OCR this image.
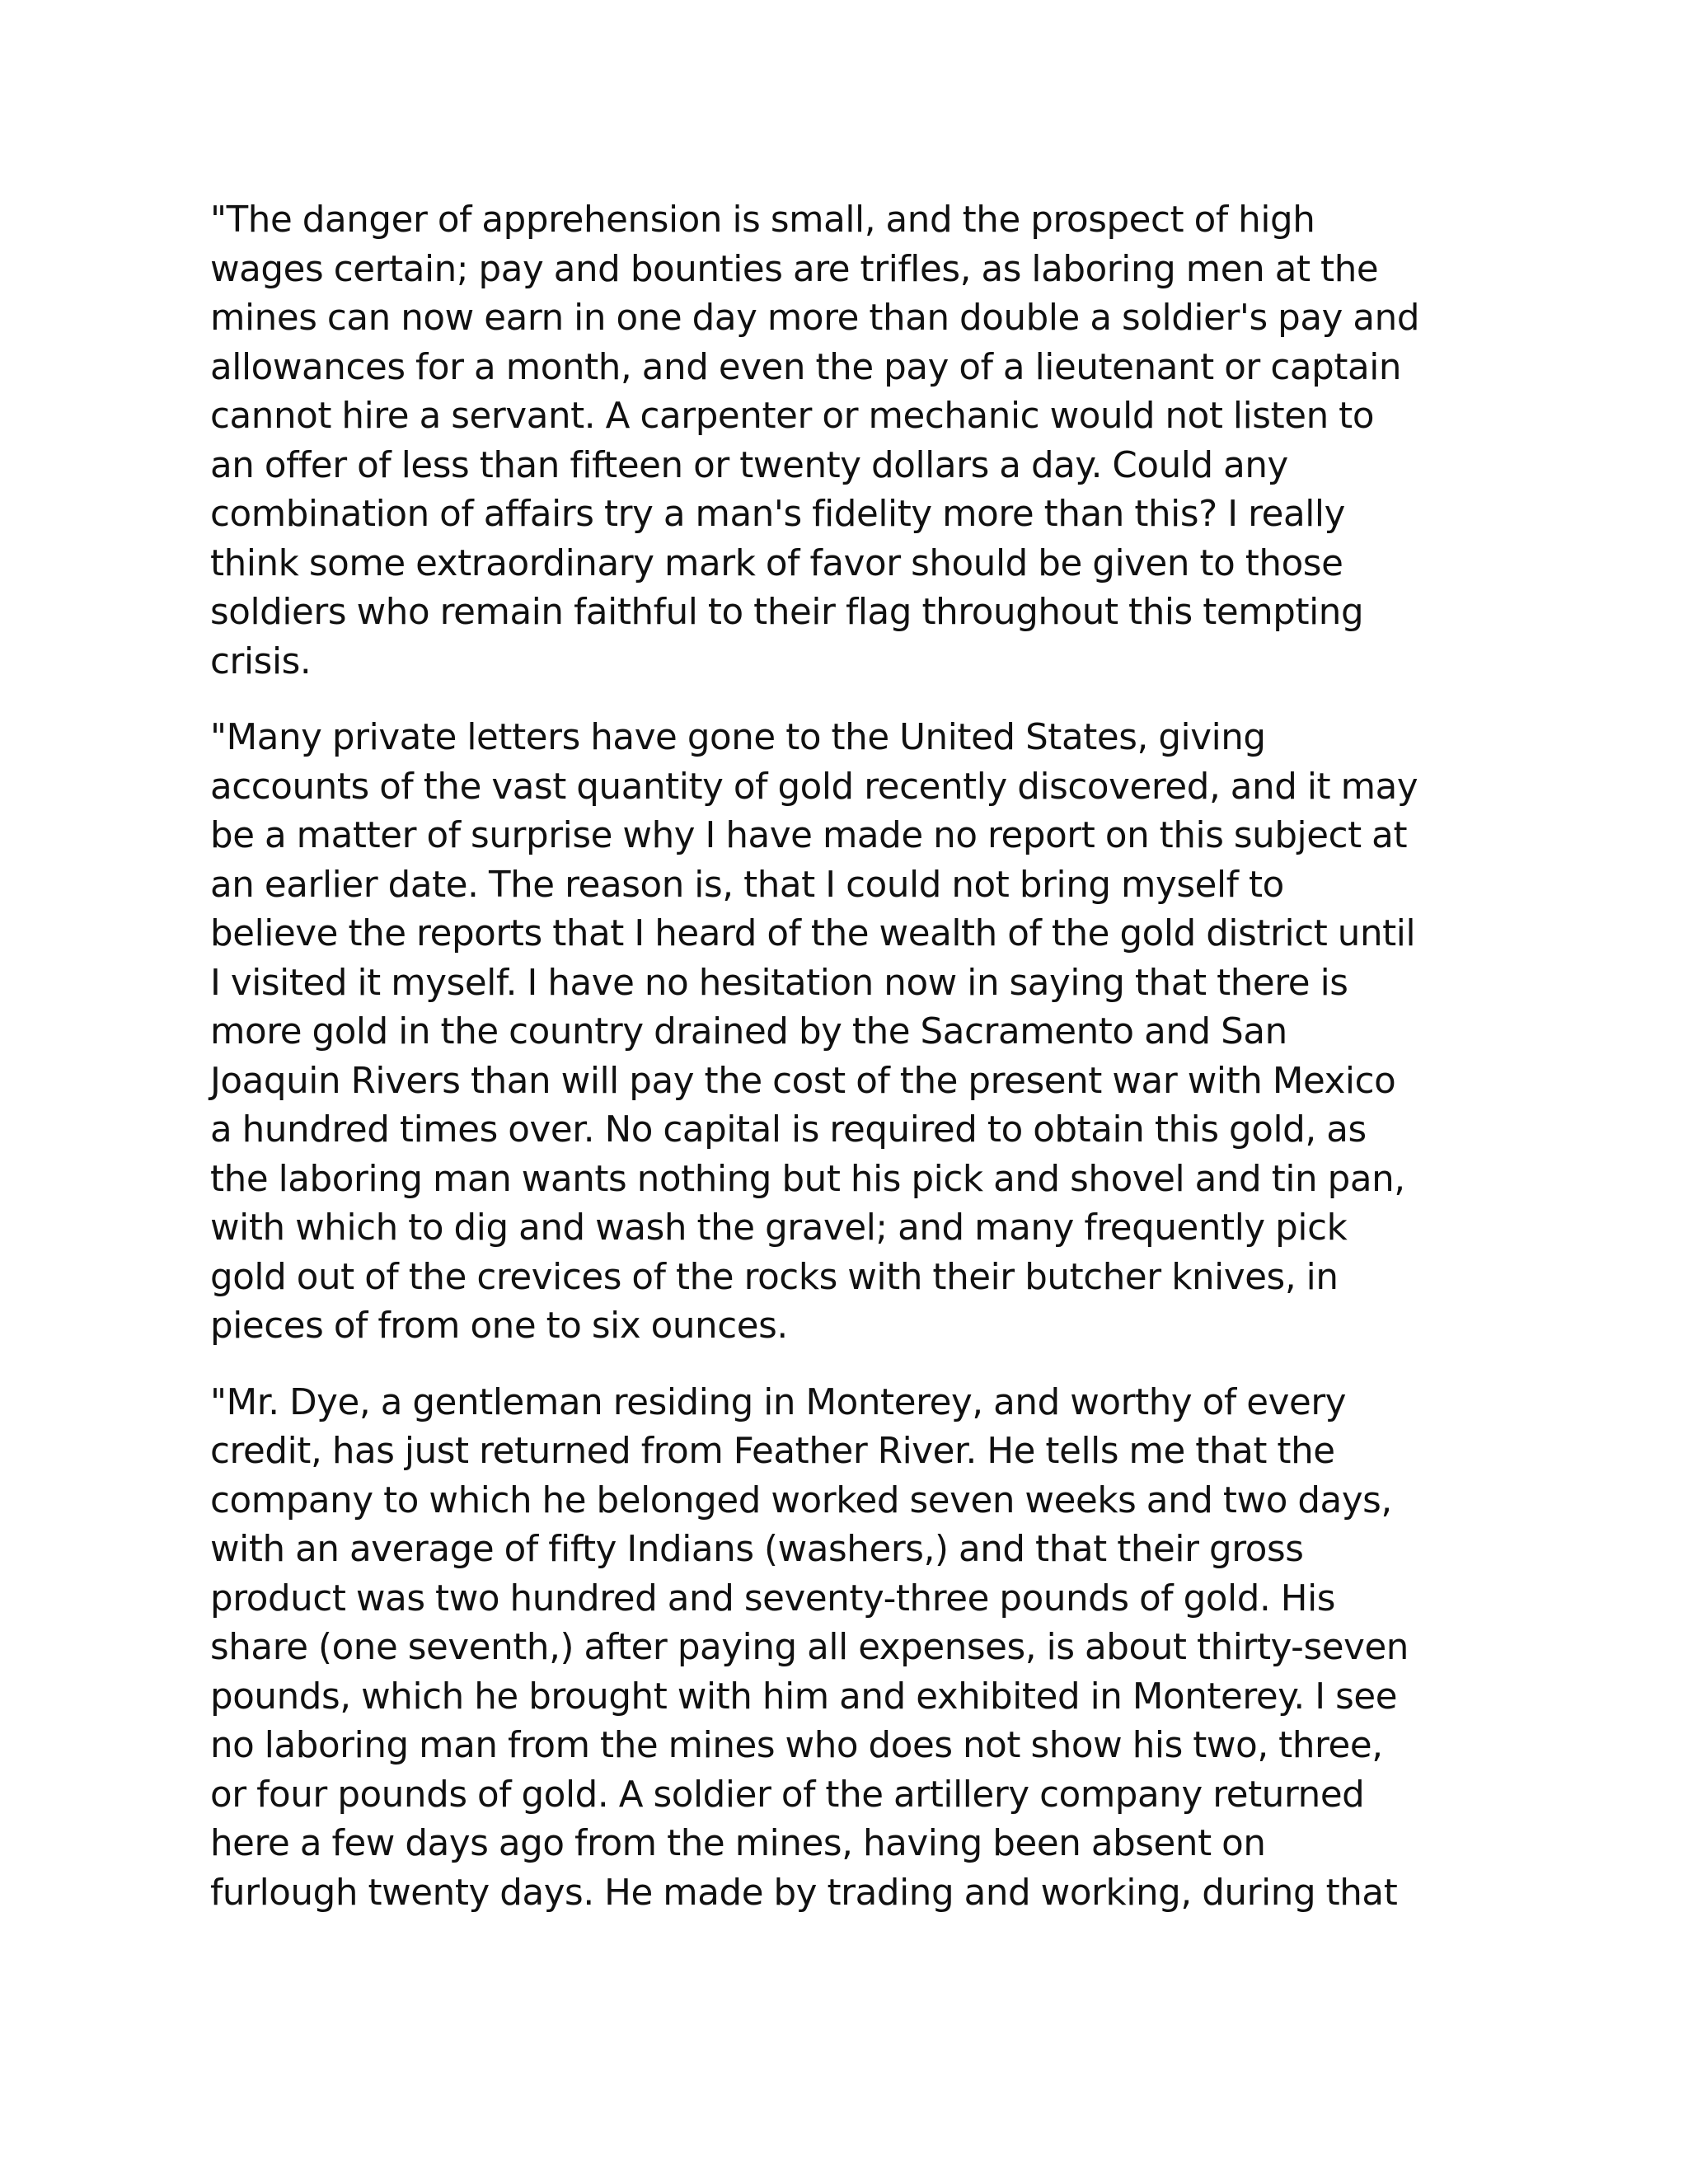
"The danger of apprehension is small, and the prospect of high
wages certain; pay and bounties are trifles, as laboring men at the
mines can now earn in one day more than double a soldier's pay and
allowances for a month, and even the pay of a lieutenant or captain
cannot hire a servant. A carpenter or mechanic would not listen to
an offer of less than fifteen or twenty dollars a day. Could any
combination of affairs try a man's fidelity more than this? I really
think some extraordinary mark of favor should be given to those
soldiers who remain faithful to their flag throughout this tempting
crisis.

"Many private letters have gone to the United States, giving
accounts of the vast quantity of gold recently discovered, and it may
be a matter of surprise why I have made no report on this subject at
an earlier date. The reason is, that I could not bring myself to
believe the reports that I heard of the wealth of the gold district until
I visited it myself. I have no hesitation now in saying that there is
more gold in the country drained by the Sacramento and San
Joaquin Rivers than will pay the cost of the present war with Mexico
a hundred times over. No capital is required to obtain this gold, as
the laboring man wants nothing but his pick and shovel and tin pan,
with which to dig and wash the gravel; and many frequently pick
gold out of the crevices of the rocks with their butcher knives, in
pieces of from one to six ounces.

"Mr. Dye, a gentleman residing in Monterey, and worthy of every
credit, has just returned from Feather River. He tells me that the
company to which he belonged worked seven weeks and two days,
with an average of fifty Indians (washers,) and that their gross
product was two hundred and seventy-three pounds of gold. His
share (one seventh,) after paying all expenses, is about thirty-seven
pounds, which he brought with him and exhibited in Monterey. I see
no laboring man from the mines who does not show his two, three,
or four pounds of gold. A soldier of the artillery company returned
here a few days ago from the mines, having been absent on
furlough twenty days. He made by trading and working, during that
